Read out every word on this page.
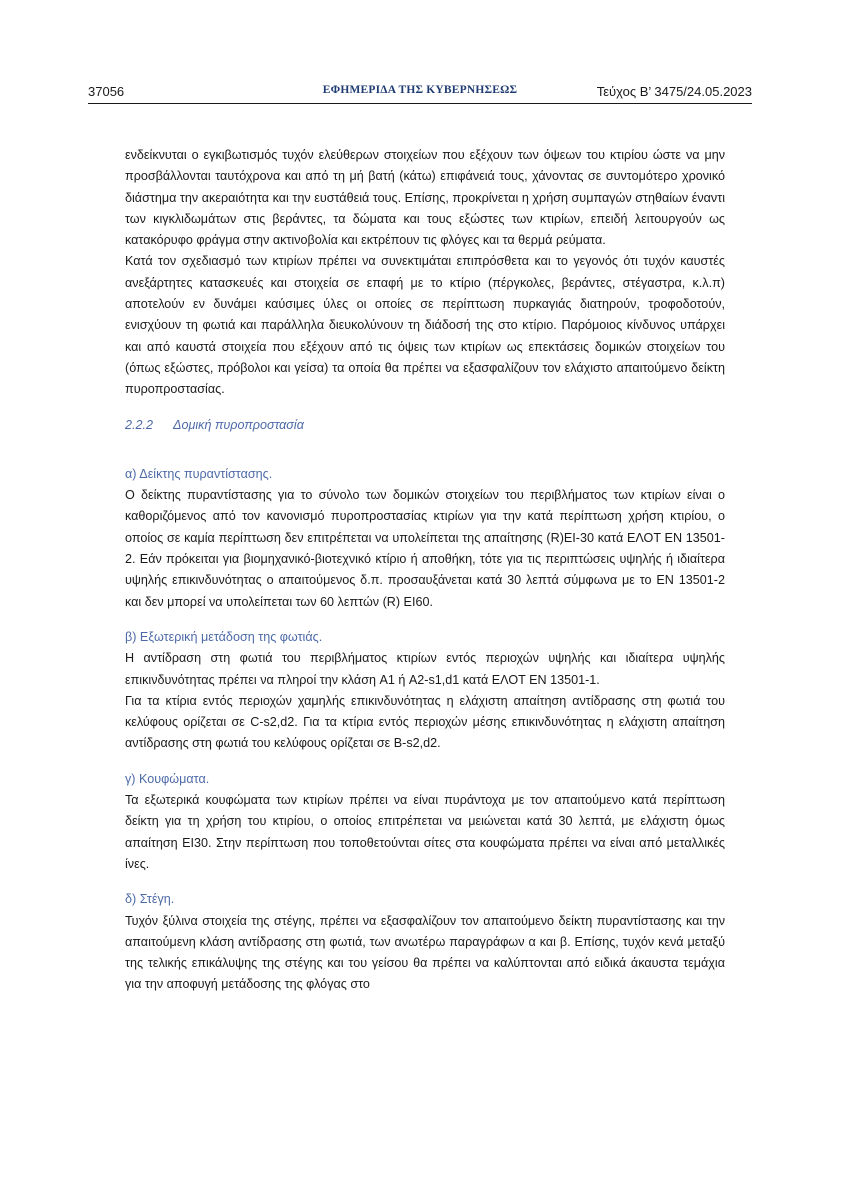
37056	ΕΦΗΜΕΡΙΔΑ ΤΗΣ ΚΥΒΕΡΝΗΣΕΩΣ	Τεύχος B’ 3475/24.05.2023

ενδείκνυται ο εγκιβωτισμός τυχόν ελεύθερων στοιχείων που εξέχουν των όψεων του κτιρίου ώστε να μην προσβάλλονται ταυτόχρονα και από τη μή βατή (κάτω) επιφάνειά τους, χάνοντας σε συντομότερο χρονικό διάστημα την ακεραιότητα και την ευστάθειά τους. Επίσης, προκρίνεται η χρήση συμπαγών στηθαίων έναντι των κιγκλιδωμάτων στις βεράντες, τα δώματα και τους εξώστες των κτιρίων, επειδή λειτουργούν ως κατακόρυφο φράγμα στην ακτινοβολία και εκτρέπουν τις φλόγες και τα θερμά ρεύματα.

Κατά τον σχεδιασμό των κτιρίων πρέπει να συνεκτιμάται επιπρόσθετα και το γεγονός ότι τυχόν καυστές ανεξάρτητες κατασκευές και στοιχεία σε επαφή με το κτίριο (πέργκολες, βεράντες, στέγαστρα, κ.λ.π) αποτελούν εν δυνάμει καύσιμες ύλες οι οποίες σε περίπτωση πυρκαγιάς διατηρούν, τροφοδοτούν, ενισχύουν τη φωτιά και παράλληλα διευκολύνουν τη διάδοσή της στο κτίριο. Παρόμοιος κίνδυνος υπάρχει και από καυστά στοιχεία που εξέχουν από τις όψεις των κτιρίων ως επεκτάσεις δομικών στοιχείων του (όπως εξώστες, πρόβολοι και γείσα) τα οποία θα πρέπει να εξασφαλίζουν τον ελάχιστο απαιτούμενο δείκτη πυροπροστασίας.

2.2.2 Δομική πυροπροστασία

α) Δείκτης πυραντίστασης.

Ο δείκτης πυραντίστασης για το σύνολο των δομικών στοιχείων του περιβλήματος των κτιρίων είναι ο καθοριζόμενος από τον κανονισμό πυροπροστασίας κτιρίων για την κατά περίπτωση χρήση κτιρίου, ο οποίος σε καμία περίπτωση δεν επιτρέπεται να υπολείπεται της απαίτησης (R)EI-30 κατά ΕΛΟΤ EN 13501-2. Εάν πρόκειται για βιομηχανικό-βιοτεχνικό κτίριο ή αποθήκη, τότε για τις περιπτώσεις υψηλής ή ιδιαίτερα υψηλής επικινδυνότητας ο απαιτούμενος δ.π. προσαυξάνεται κατά 30 λεπτά σύμφωνα με το EN 13501-2 και δεν μπορεί να υπολείπεται των 60 λεπτών (R) EI60.

β) Εξωτερική μετάδοση της φωτιάς.

Η αντίδραση στη φωτιά του περιβλήματος κτιρίων εντός περιοχών υψηλής και ιδιαίτερα υψηλής επικινδυνότητας πρέπει να πληροί την κλάση A1 ή A2-s1,d1 κατά ΕΛΟΤ ΕΝ 13501-1.

Για τα κτίρια εντός περιοχών χαμηλής επικινδυνότητας η ελάχιστη απαίτηση αντίδρασης στη φωτιά του κελύφους ορίζεται σε C-s2,d2. Για τα κτίρια εντός περιοχών μέσης επικινδυνότητας η ελάχιστη απαίτηση αντίδρασης στη φωτιά του κελύφους ορίζεται σε B-s2,d2.

γ) Κουφώματα.

Τα εξωτερικά κουφώματα των κτιρίων πρέπει να είναι πυράντοχα με τον απαιτούμενο κατά περίπτωση δείκτη για τη χρήση του κτιρίου, ο οποίος επιτρέπεται να μειώνεται κατά 30 λεπτά, με ελάχιστη όμως απαίτηση ΕΙ30. Στην περίπτωση που τοποθετούνται σίτες στα κουφώματα πρέπει να είναι από μεταλλικές ίνες.

δ) Στέγη.

Τυχόν ξύλινα στοιχεία της στέγης, πρέπει να εξασφαλίζουν τον απαιτούμενο δείκτη πυραντίστασης και την απαιτούμενη κλάση αντίδρασης στη φωτιά, των ανωτέρω παραγράφων α και β. Επίσης, τυχόν κενά μεταξύ της τελικής επικάλυψης της στέγης και του γείσου θα πρέπει να καλύπτονται από ειδικά άκαυστα τεμάχια για την αποφυγή μετάδοσης της φλόγας στο
